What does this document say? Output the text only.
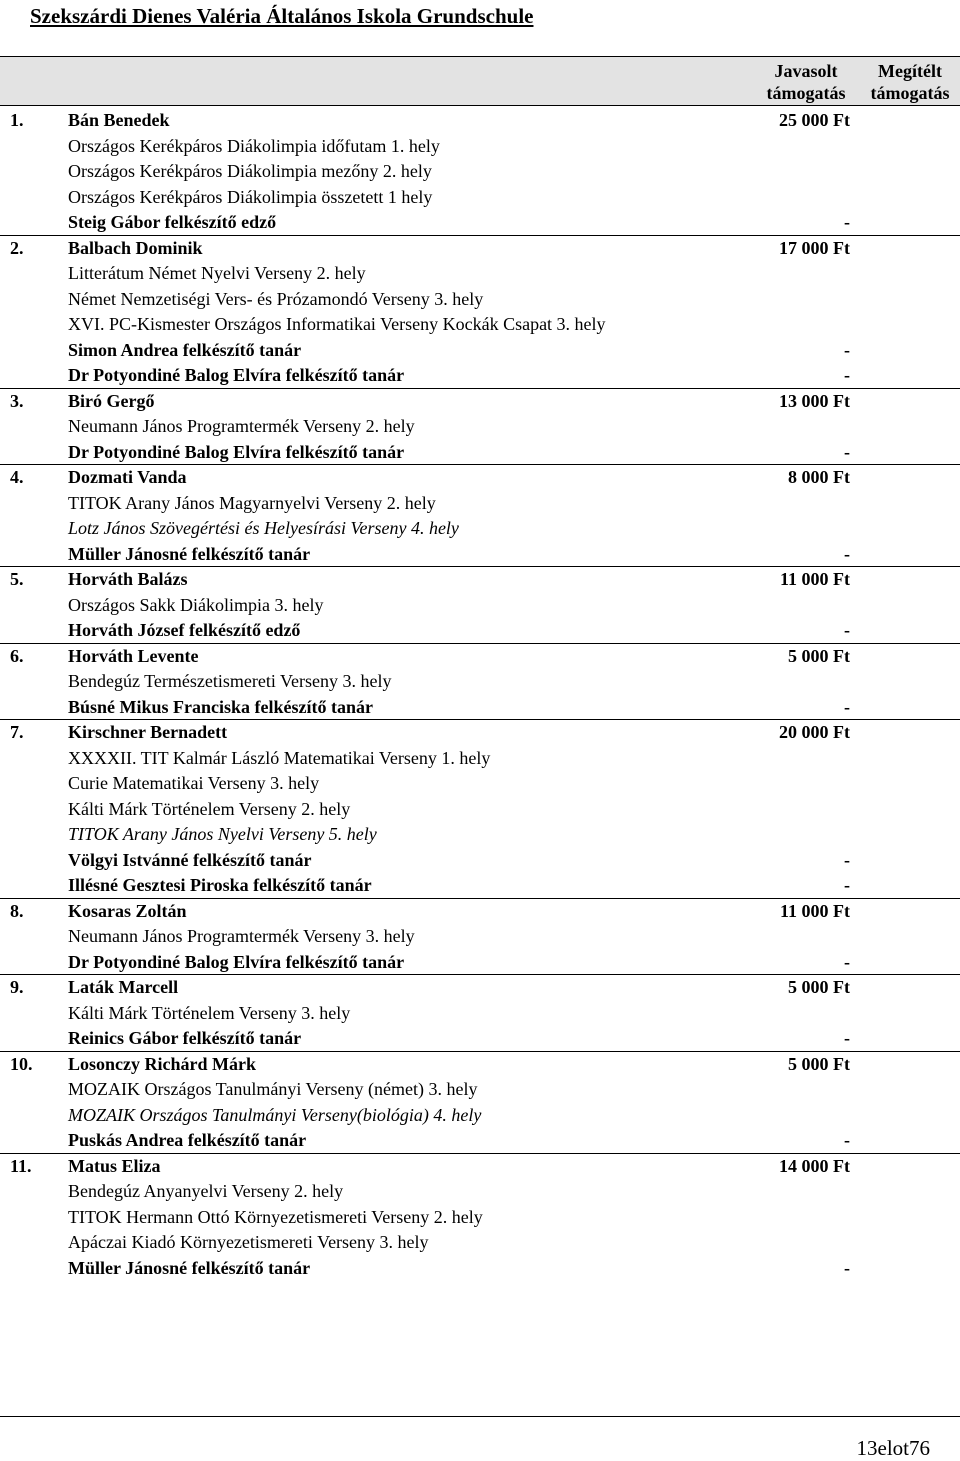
Szekszárdi Dienes Valéria Általános Iskola Grundschule
Javasolt
támogatás
Megítélt
támogatás
1. Bán Benedek	25 000 Ft
Országos Kerékpáros Diákolimpia időfutam 1. hely
Országos Kerékpáros Diákolimpia mezőny 2. hely
Országos Kerékpáros Diákolimpia összetett 1 hely
Steig Gábor felkészítő edző	-
2. Balbach Dominik	17 000 Ft
Litterátum Német Nyelvi Verseny 2. hely
Német Nemzetiségi Vers- és Prózamondó Verseny 3. hely
XVI. PC-Kismester Országos Informatikai Verseny Kockák Csapat 3. hely
Simon Andrea felkészítő tanár	-
Dr Potyondiné Balog Elvíra felkészítő tanár	-
3. Biró Gergő	13 000 Ft
Neumann János Programtermék Verseny 2. hely
Dr Potyondiné Balog Elvíra felkészítő tanár	-
4. Dozmati Vanda	8 000 Ft
TITOK Arany János Magyarnyelvi Verseny 2. hely
Lotz János Szövegértési és Helyesírási Verseny 4. hely
Müller Jánosné felkészítő tanár	-
5. Horváth Balázs	11 000 Ft
Országos Sakk Diákolimpia 3. hely
Horváth József felkészítő edző	-
6. Horváth Levente	5 000 Ft
Bendegúz Természetismereti Verseny 3. hely
Búsné Mikus Franciska felkészítő tanár	-
7. Kirschner Bernadett	20 000 Ft
XXXXII. TIT Kalmár László Matematikai Verseny 1. hely
Curie Matematikai Verseny 3. hely
Kálti Márk Történelem Verseny 2. hely
TITOK Arany János Nyelvi Verseny 5. hely
Völgyi Istvánné felkészítő tanár	-
Illésné Gesztesi Piroska felkészítő tanár	-
8. Kosaras Zoltán	11 000 Ft
Neumann János Programtermék Verseny 3. hely
Dr Potyondiné Balog Elvíra felkészítő tanár	-
9. Laták Marcell	5 000 Ft
Kálti Márk Történelem Verseny 3. hely
Reinics Gábor felkészítő tanár	-
10. Losonczy Richárd Márk	5 000 Ft
MOZAIK Országos Tanulmányi Verseny (német) 3. hely
MOZAIK Országos Tanulmányi Verseny(biológia) 4. hely
Puskás Andrea felkészítő tanár	-
11. Matus Eliza	14 000 Ft
Bendegúz Anyanyelvi Verseny 2. hely
TITOK Hermann Ottó Környezetismereti Verseny 2. hely
Apáczai Kiadó Környezetismereti Verseny 3. hely
Müller Jánosné felkészítő tanár	-
13elot76
